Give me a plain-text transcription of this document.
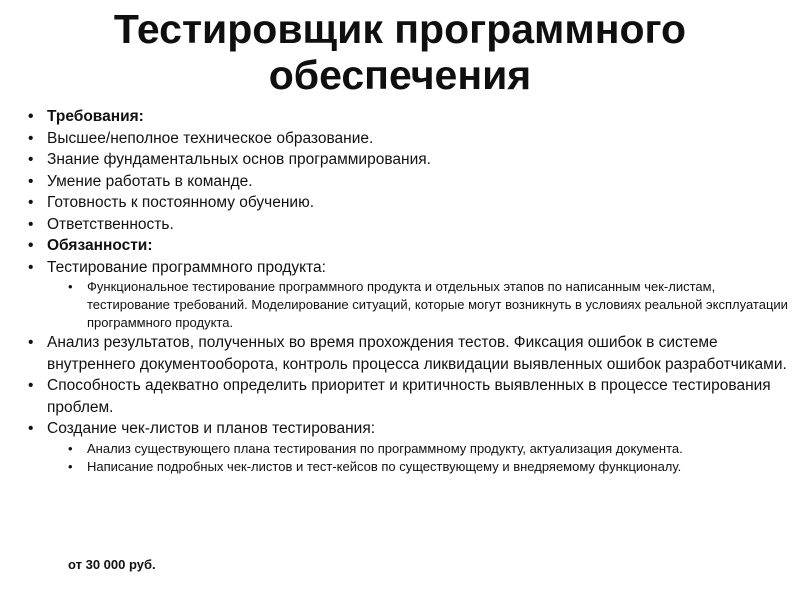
Тестировщик программного
обеспечения
• Требования:
• Высшее/неполное техническое образование.
• Знание фундаментальных основ программирования.
• Умение работать в команде.
• Готовность к постоянному обучению.
• Ответственность.
• Обязанности:
• Тестирование программного продукта:
• Функциональное тестирование программного продукта и отдельных этапов по написанным чек-листам, тестирование требований. Моделирование ситуаций, которые могут возникнуть в условиях реальной эксплуатации программного продукта.
• Анализ результатов, полученных во время прохождения тестов. Фиксация ошибок в системе внутреннего документооборота, контроль процесса ликвидации выявленных ошибок разработчиками.
• Способность адекватно определить приоритет и критичность выявленных в процессе тестирования проблем.
• Создание чек-листов и планов тестирования:
• Анализ существующего плана тестирования по программному продукту, актуализация документа.
• Написание подробных чек-листов и тест-кейсов по существующему и внедряемому функционалу.
от 30 000 руб.
